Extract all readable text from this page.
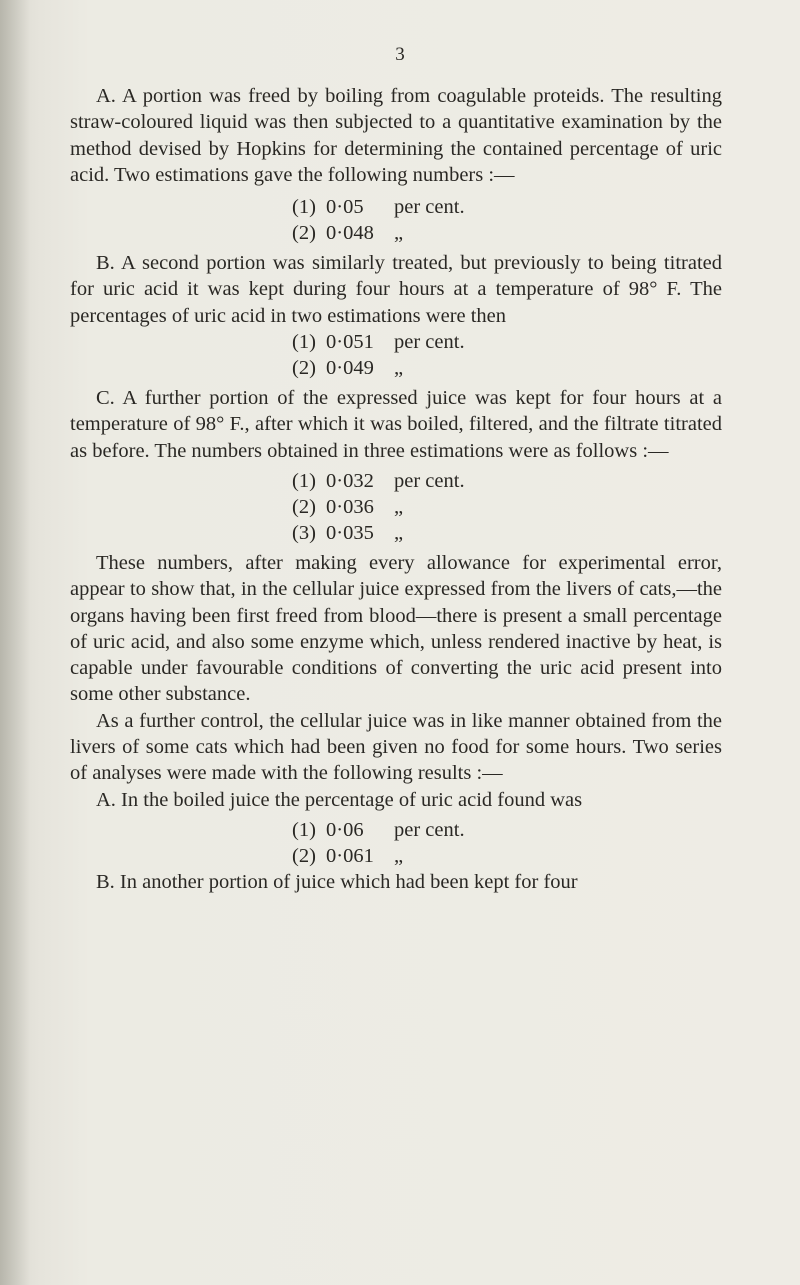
3

A. A portion was freed by boiling from coagulable proteids. The resulting straw-coloured liquid was then subjected to a quantitative examination by the method devised by Hopkins for determining the contained percentage of uric acid. Two estimations gave the following numbers :—

(1) 0·05 per cent.
(2) 0·048 „

B. A second portion was similarly treated, but previously to being titrated for uric acid it was kept during four hours at a temperature of 98° F. The percentages of uric acid in two estimations were then

(1) 0·051 per cent.
(2) 0·049 „

C. A further portion of the expressed juice was kept for four hours at a temperature of 98° F., after which it was boiled, filtered, and the filtrate titrated as before. The numbers obtained in three estimations were as follows :—

(1) 0·032 per cent.
(2) 0·036 „
(3) 0·035 „

These numbers, after making every allowance for experimental error, appear to show that, in the cellular juice expressed from the livers of cats,—the organs having been first freed from blood—there is present a small percentage of uric acid, and also some enzyme which, unless rendered inactive by heat, is capable under favourable conditions of converting the uric acid present into some other substance.

As a further control, the cellular juice was in like manner obtained from the livers of some cats which had been given no food for some hours. Two series of analyses were made with the following results :—

A. In the boiled juice the percentage of uric acid found was

(1) 0·06 per cent.
(2) 0·061 „

B. In another portion of juice which had been kept for four
